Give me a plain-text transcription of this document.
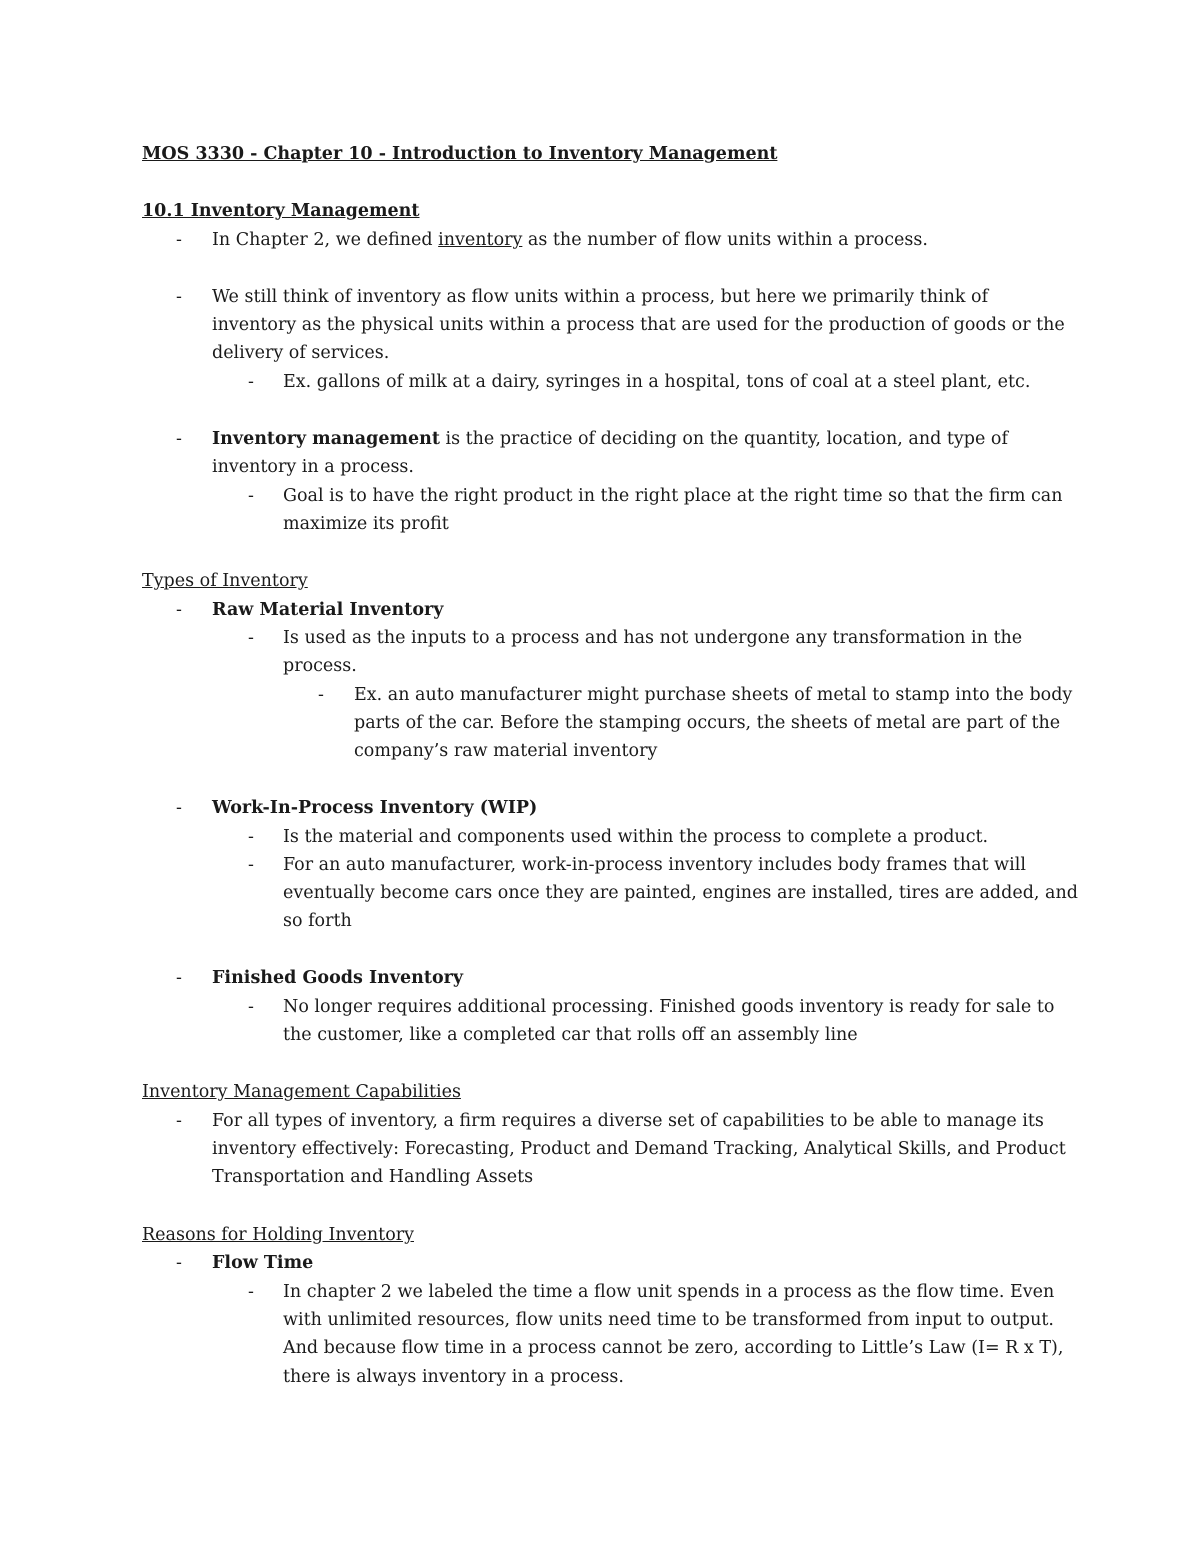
MOS 3330 - Chapter 10 - Introduction to Inventory Management
10.1 Inventory Management
- In Chapter 2, we defined inventory as the number of flow units within a process.
- We still think of inventory as flow units within a process, but here we primarily think of
inventory as the physical units within a process that are used for the production of goods or the
delivery of services.
- Ex. gallons of milk at a dairy, syringes in a hospital, tons of coal at a steel plant, etc.
- Inventory management is the practice of deciding on the quantity, location, and type of
inventory in a process.
- Goal is to have the right product in the right place at the right time so that the firm can
maximize its profit
Types of Inventory
- Raw Material Inventory
- Is used as the inputs to a process and has not undergone any transformation in the
process.
- Ex. an auto manufacturer might purchase sheets of metal to stamp into the body
parts of the car. Before the stamping occurs, the sheets of metal are part of the
company’s raw material inventory
- Work-In-Process Inventory (WIP)
- Is the material and components used within the process to complete a product.
- For an auto manufacturer, work-in-process inventory includes body frames that will
eventually become cars once they are painted, engines are installed, tires are added, and
so forth
- Finished Goods Inventory
- No longer requires additional processing. Finished goods inventory is ready for sale to
the customer, like a completed car that rolls off an assembly line
Inventory Management Capabilities
- For all types of inventory, a firm requires a diverse set of capabilities to be able to manage its
inventory effectively: Forecasting, Product and Demand Tracking, Analytical Skills, and Product
Transportation and Handling Assets
Reasons for Holding Inventory
- Flow Time
- In chapter 2 we labeled the time a flow unit spends in a process as the flow time. Even
with unlimited resources, flow units need time to be transformed from input to output.
And because flow time in a process cannot be zero, according to Little’s Law (I= R x T),
there is always inventory in a process.
